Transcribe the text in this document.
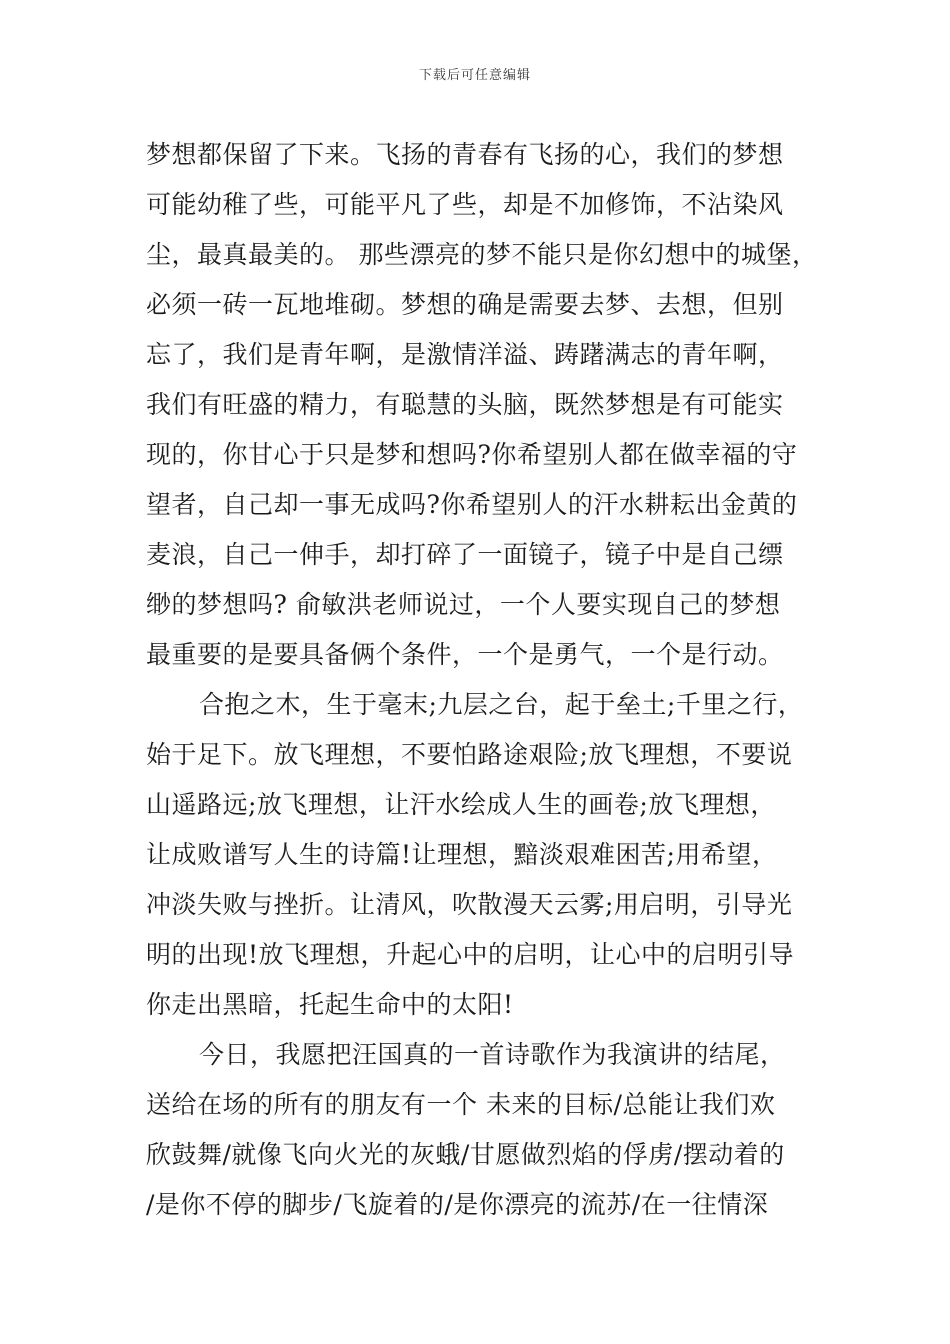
下载后可任意编辑
梦想都保留了下来。飞扬的青春有飞扬的心，我们的梦想
可能幼稚了些，可能平凡了些，却是不加修饰，不沾染风
尘，最真最美的。 那些漂亮的梦不能只是你幻想中的城堡，
必须一砖一瓦地堆砌。梦想的确是需要去梦、去想，但别
忘了，我们是青年啊，是激情洋溢、踌躇满志的青年啊，
我们有旺盛的精力，有聪慧的头脑，既然梦想是有可能实
现的，你甘心于只是梦和想吗?你希望别人都在做幸福的守
望者，自己却一事无成吗?你希望别人的汗水耕耘出金黄的
麦浪，自己一伸手，却打碎了一面镜子，镜子中是自己缥
缈的梦想吗? 俞敏洪老师说过，一个人要实现自己的梦想
最重要的是要具备俩个条件，一个是勇气，一个是行动。
合抱之木，生于毫末;九层之台，起于垒土;千里之行，
始于足下。放飞理想，不要怕路途艰险;放飞理想，不要说
山遥路远;放飞理想，让汗水绘成人生的画卷;放飞理想，
让成败谱写人生的诗篇!让理想，黯淡艰难困苦;用希望，
冲淡失败与挫折。让清风，吹散漫天云雾;用启明，引导光
明的出现!放飞理想，升起心中的启明，让心中的启明引导
你走出黑暗，托起生命中的太阳!
今日，我愿把汪国真的一首诗歌作为我演讲的结尾，
送给在场的所有的朋友有一个 未来的目标/总能让我们欢
欣鼓舞/就像飞向火光的灰蛾/甘愿做烈焰的俘虏/摆动着的
/是你不停的脚步/飞旋着的/是你漂亮的流苏/在一往情深
